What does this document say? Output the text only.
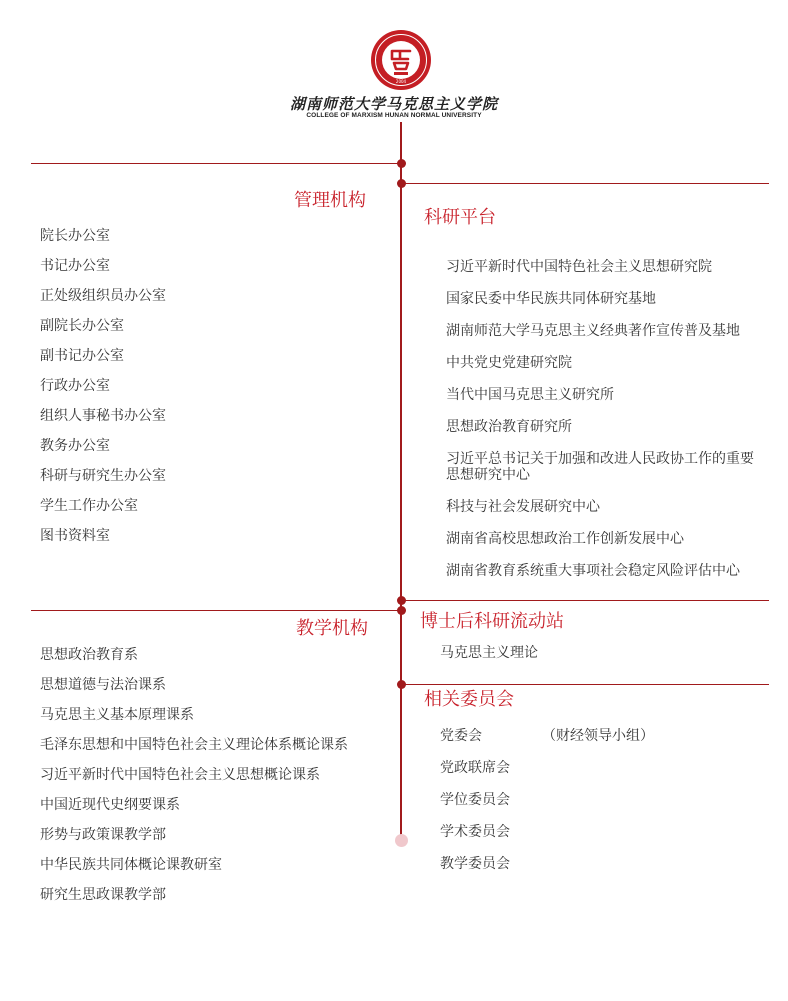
2004
湖南师范大学马克思主义学院
COLLEGE OF MARXISM HUNAN NORMAL UNIVERSITY
管理机构
科研平台
教学机构	博士后科研流动站
相关委员会
院长办公室
书记办公室
正处级组织员办公室
副院长办公室
副书记办公室
行政办公室
组织人事秘书办公室
教务办公室
科研与研究生办公室
学生工作办公室
图书资料室
习近平新时代中国特色社会主义思想研究院
国家民委中华民族共同体研究基地
湖南师范大学马克思主义经典著作宣传普及基地
中共党史党建研究院
当代中国马克思主义研究所
思想政治教育研究所
习近平总书记关于加强和改进人民政协工作的重要思想研究中心
科技与社会发展研究中心
湖南省高校思想政治工作创新发展中心
湖南省教育系统重大事项社会稳定风险评估中心
思想政治教育系
思想道德与法治课系
马克思主义基本原理课系
毛泽东思想和中国特色社会主义理论体系概论课系
习近平新时代中国特色社会主义思想概论课系
中国近现代史纲要课系
形势与政策课教学部
中华民族共同体概论课教研室
研究生思政课教学部
马克思主义理论
党委会	（财经领导小组）
党政联席会
学位委员会
学术委员会
教学委员会
